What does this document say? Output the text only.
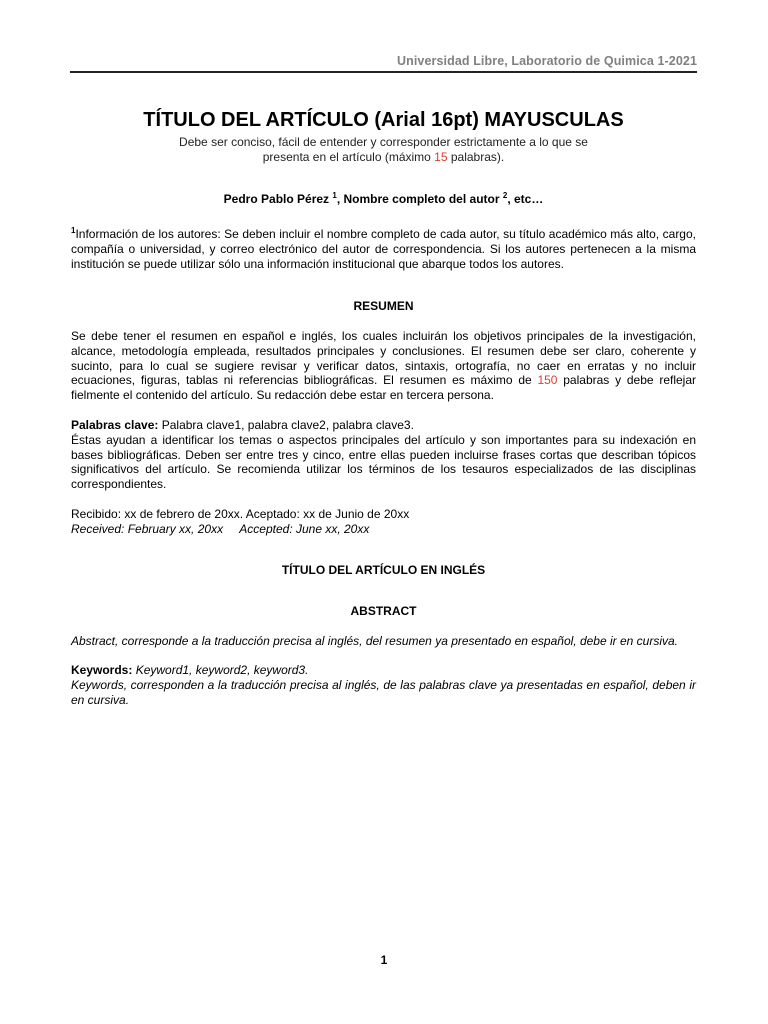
Universidad Libre, Laboratorio de Quimica 1-2021
TÍTULO DEL ARTÍCULO (Arial 16pt) MAYUSCULAS
Debe ser conciso, fácil de entender y corresponder estrictamente a lo que se
presenta en el artículo (máximo 15 palabras).
Pedro Pablo Pérez $^1$, Nombre completo del autor $^2$, etc…
$^1$Información de los autores: Se deben incluir el nombre completo de cada autor, su título académico más alto, cargo, compañía o universidad, y correo electrónico del autor de correspondencia. Si los autores pertenecen a la misma institución se puede utilizar sólo una información institucional que abarque todos los autores.
RESUMEN
Se debe tener el resumen en español e inglés, los cuales incluirán los objetivos principales de la investigación, alcance, metodología empleada, resultados principales y conclusiones. El resumen debe ser claro, coherente y sucinto, para lo cual se sugiere revisar y verificar datos, sintaxis, ortografía, no caer en erratas y no incluir ecuaciones, figuras, tablas ni referencias bibliográficas. El resumen es máximo de 150 palabras y debe reflejar fielmente el contenido del artículo. Su redacción debe estar en tercera persona.
Palabras clave: Palabra clave1, palabra clave2, palabra clave3.
Éstas ayudan a identificar los temas o aspectos principales del artículo y son importantes para su indexación en bases bibliográficas. Deben ser entre tres y cinco, entre ellas pueden incluirse frases cortas que describan tópicos significativos del artículo. Se recomienda utilizar los términos de los tesauros especializados de las disciplinas correspondientes.
Recibido: xx de febrero de 20xx. Aceptado: xx de Junio de 20xx
Received: February xx, 20xx     Accepted: June xx, 20xx
TÍTULO DEL ARTÍCULO EN INGLÉS
ABSTRACT
Abstract, corresponde a la traducción precisa al inglés, del resumen ya presentado en español, debe ir en cursiva.
Keywords: Keyword1, keyword2, keyword3.
Keywords, corresponden a la traducción precisa al inglés, de las palabras clave ya presentadas en español, deben ir en cursiva.
1
